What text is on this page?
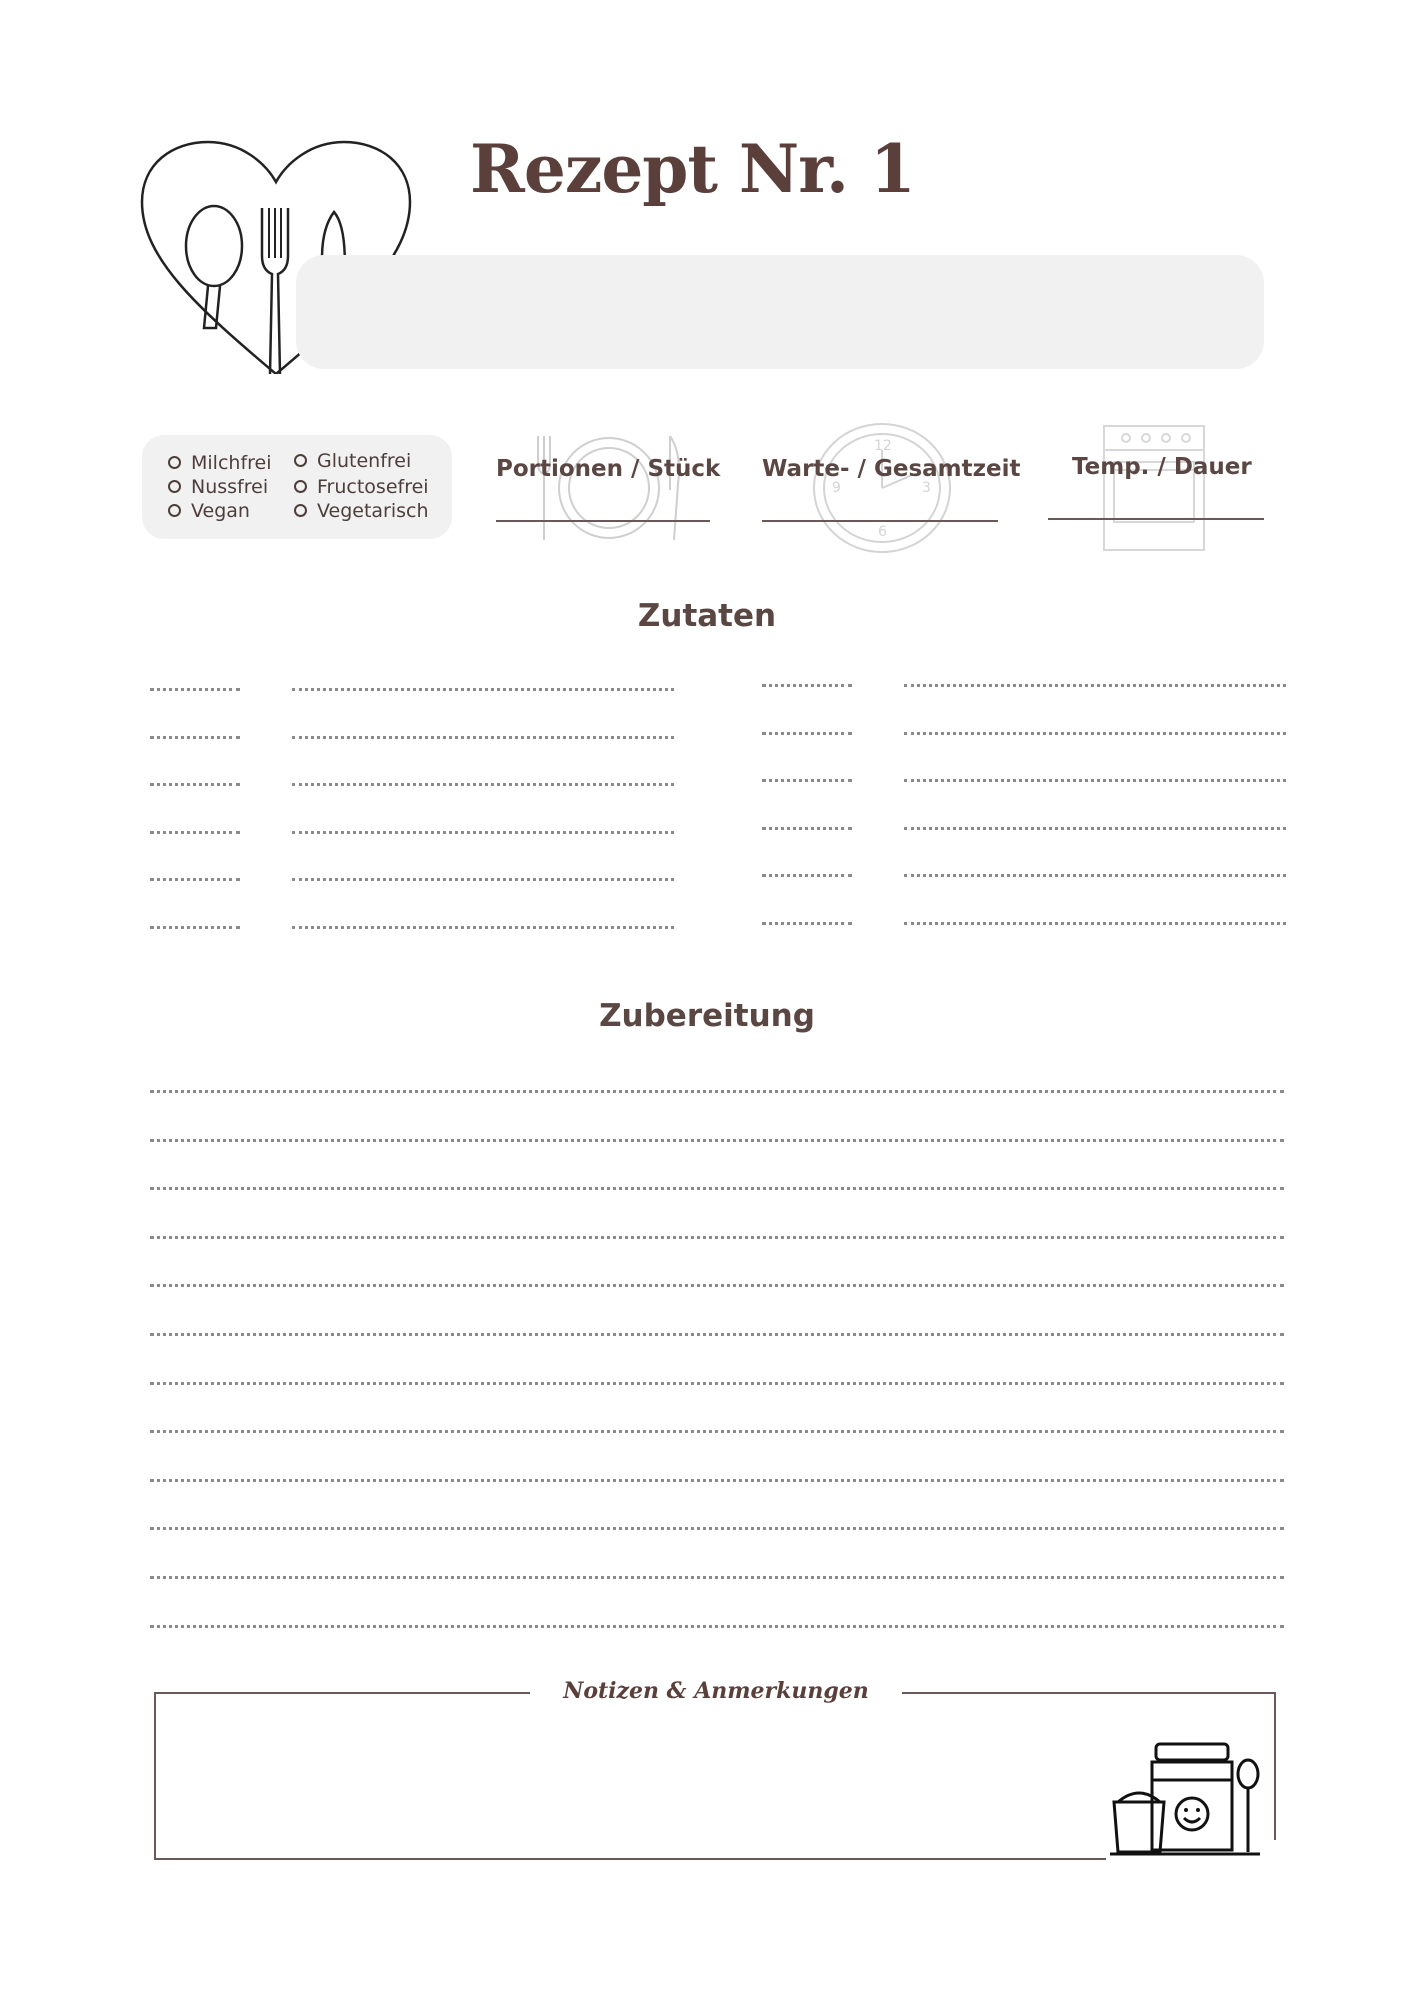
Rezept Nr. 1
Milchfrei
Nussfrei
Vegan
Glutenfrei
Fructosefrei
Vegetarisch
Portionen / Stück
12
3
6
9
Warte- / Gesamtzeit Temp. / Dauer
Zutaten
Zubereitung
Notizen & Anmerkungen
